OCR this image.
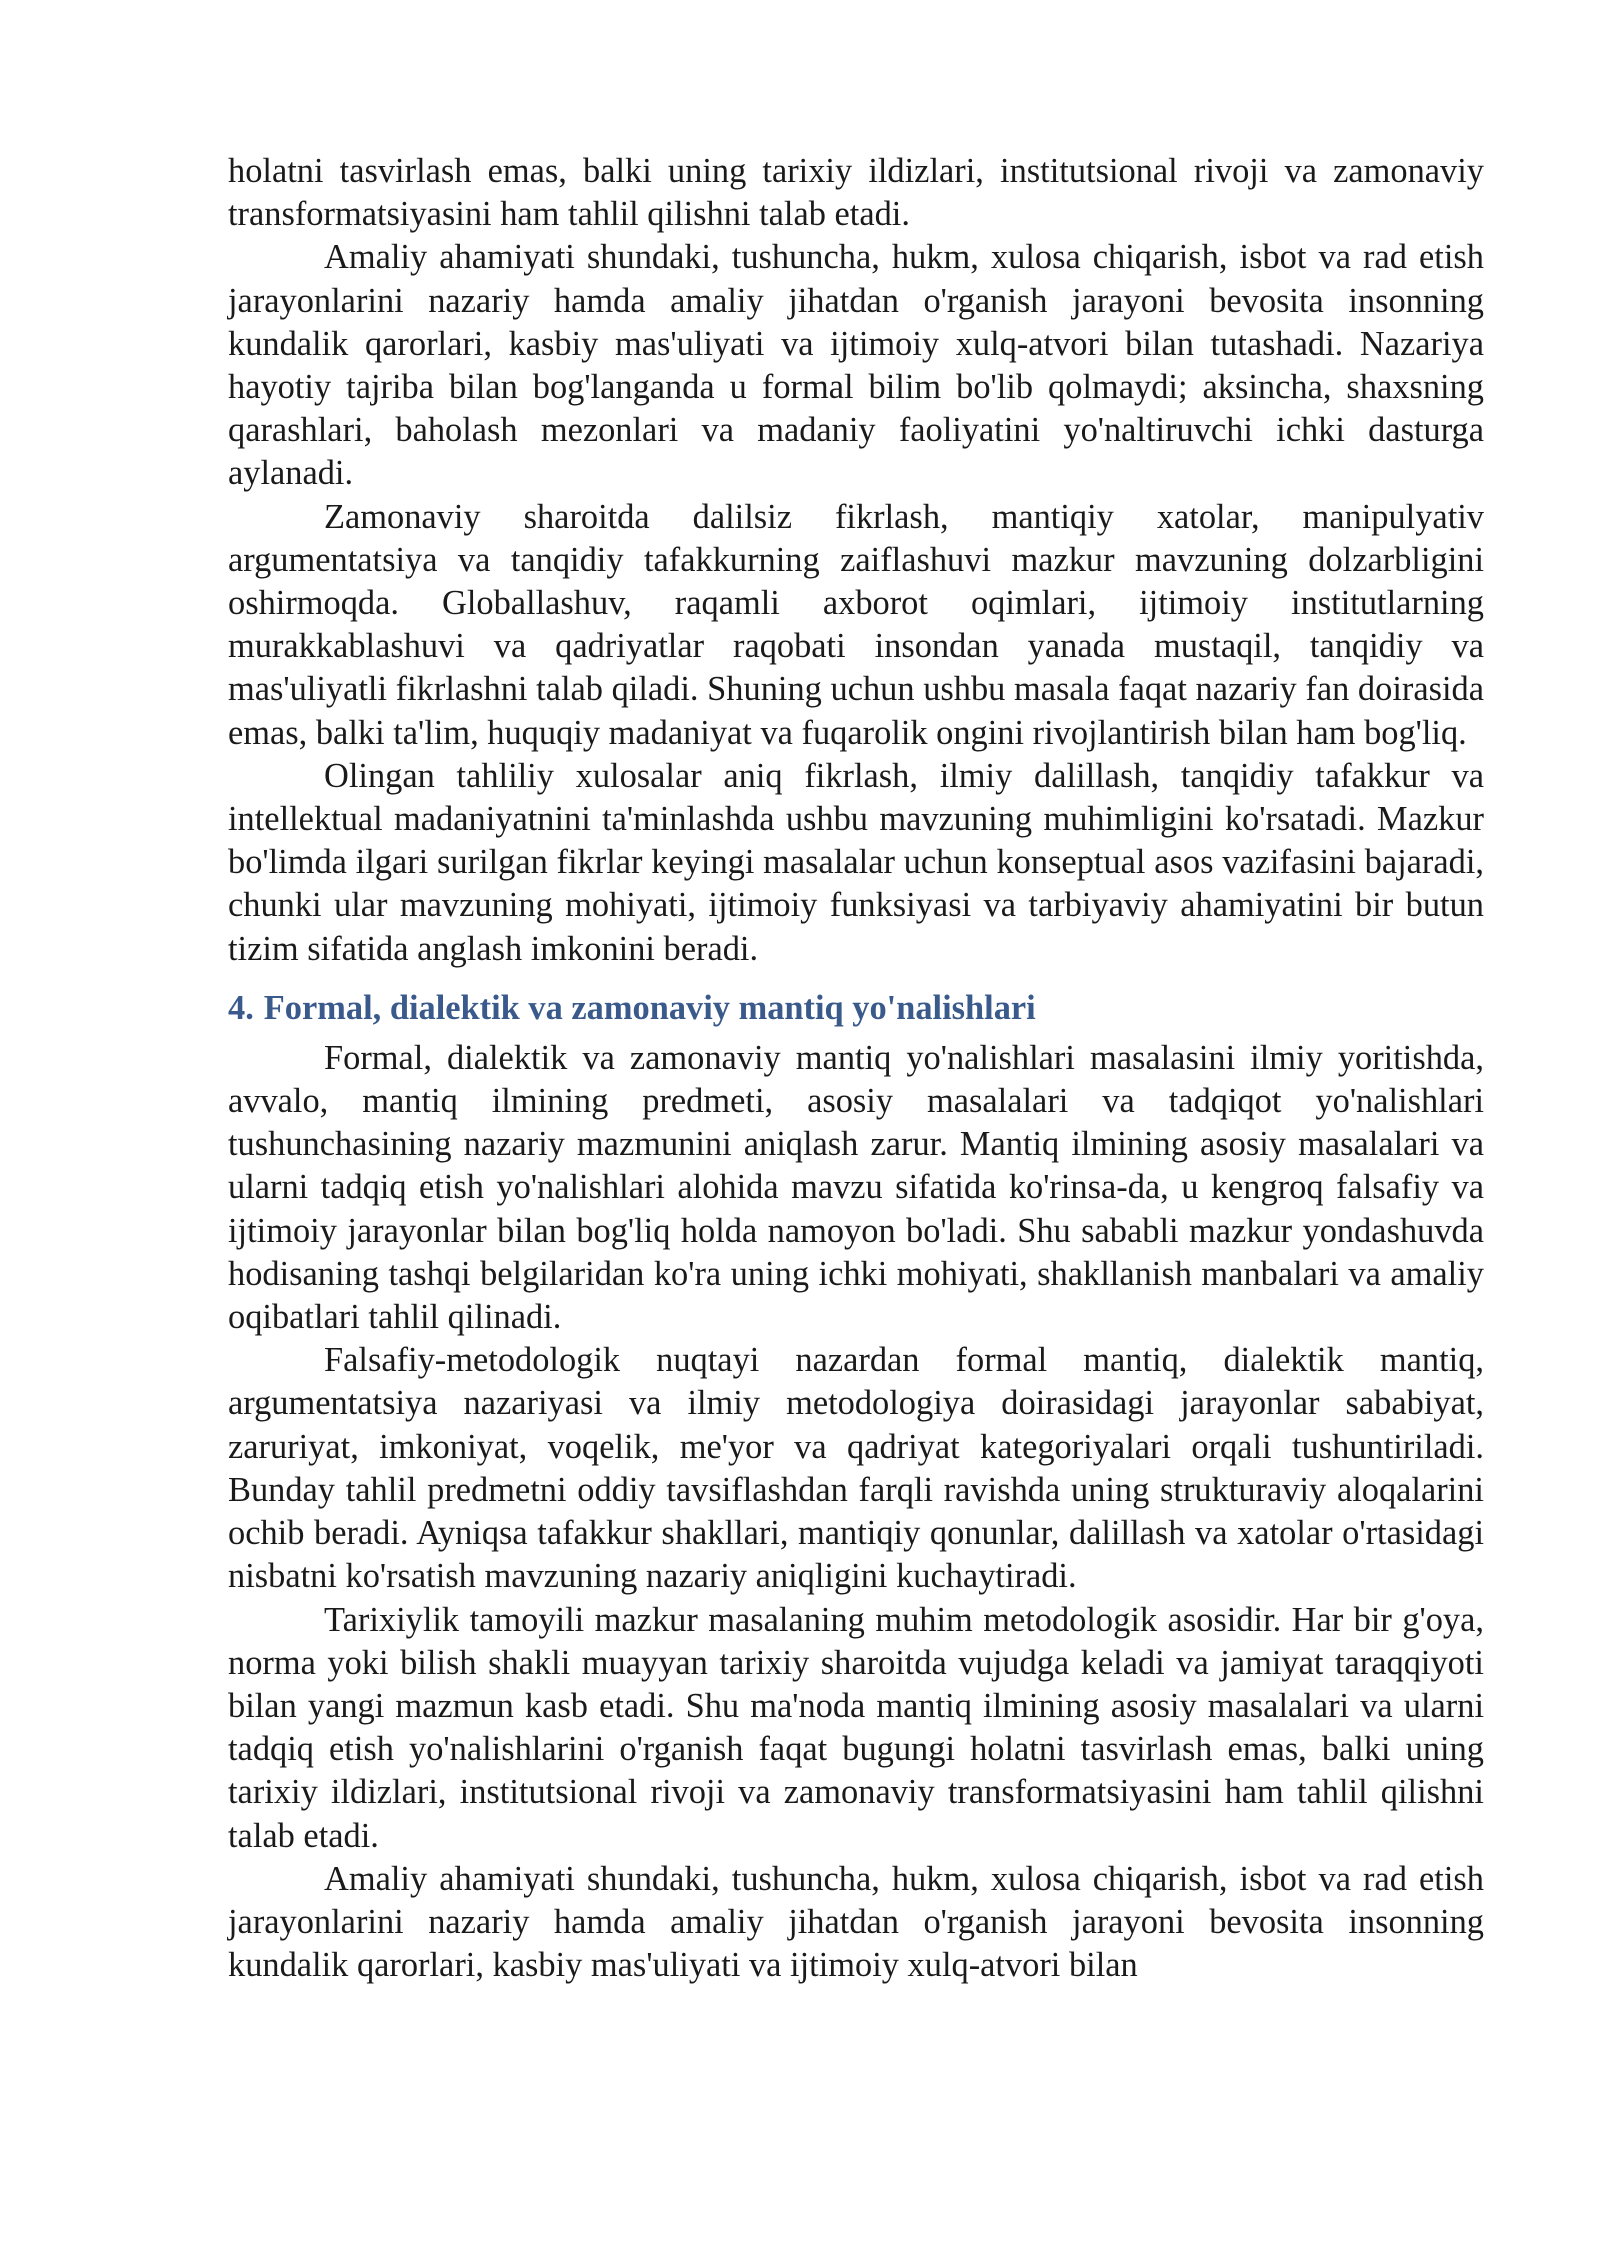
holatni tasvirlash emas, balki uning tarixiy ildizlari, institutsional rivoji va zamonaviy transformatsiyasini ham tahlil qilishni talab etadi.

Amaliy ahamiyati shundaki, tushuncha, hukm, xulosa chiqarish, isbot va rad etish jarayonlarini nazariy hamda amaliy jihatdan o'rganish jarayoni bevosita insonning kundalik qarorlari, kasbiy mas'uliyati va ijtimoiy xulq-atvori bilan tutashadi. Nazariya hayotiy tajriba bilan bog'langanda u formal bilim bo'lib qolmaydi; aksincha, shaxsning qarashlari, baholash mezonlari va madaniy faoliyatini yo'naltiruvchi ichki dasturga aylanadi.

Zamonaviy sharoitda dalilsiz fikrlash, mantiqiy xatolar, manipulyativ argumentatsiya va tanqidiy tafakkurning zaiflashuvi mazkur mavzuning dolzarbligini oshirmoqda. Globallashuv, raqamli axborot oqimlari, ijtimoiy institutlarning murakkablashuvi va qadriyatlar raqobati insondan yanada mustaqil, tanqidiy va mas'uliyatli fikrlashni talab qiladi. Shuning uchun ushbu masala faqat nazariy fan doirasida emas, balki ta'lim, huquqiy madaniyat va fuqarolik ongini rivojlantirish bilan ham bog'liq.

Olingan tahliliy xulosalar aniq fikrlash, ilmiy dalillash, tanqidiy tafakkur va intellektual madaniyatnini ta'minlashda ushbu mavzuning muhimligini ko'rsatadi. Mazkur bo'limda ilgari surilgan fikrlar keyingi masalalar uchun konseptual asos vazifasini bajaradi, chunki ular mavzuning mohiyati, ijtimoiy funksiyasi va tarbiyaviy ahamiyatini bir butun tizim sifatida anglash imkonini beradi.

4. Formal, dialektik va zamonaviy mantiq yo'nalishlari

Formal, dialektik va zamonaviy mantiq yo'nalishlari masalasini ilmiy yoritishda, avvalo, mantiq ilmining predmeti, asosiy masalalari va tadqiqot yo'nalishlari tushunchasining nazariy mazmunini aniqlash zarur. Mantiq ilmining asosiy masalalari va ularni tadqiq etish yo'nalishlari alohida mavzu sifatida ko'rinsa-da, u kengroq falsafiy va ijtimoiy jarayonlar bilan bog'liq holda namoyon bo'ladi. Shu sababli mazkur yondashuvda hodisaning tashqi belgilaridan ko'ra uning ichki mohiyati, shakllanish manbalari va amaliy oqibatlari tahlil qilinadi.

Falsafiy-metodologik nuqtayi nazardan formal mantiq, dialektik mantiq, argumentatsiya nazariyasi va ilmiy metodologiya doirasidagi jarayonlar sababiyat, zaruriyat, imkoniyat, voqelik, me'yor va qadriyat kategoriyalari orqali tushuntiriladi. Bunday tahlil predmetni oddiy tavsiflashdan farqli ravishda uning strukturaviy aloqalarini ochib beradi. Ayniqsa tafakkur shakllari, mantiqiy qonunlar, dalillash va xatolar o'rtasidagi nisbatni ko'rsatish mavzuning nazariy aniqligini kuchaytiradi.

Tarixiylik tamoyili mazkur masalaning muhim metodologik asosidir. Har bir g'oya, norma yoki bilish shakli muayyan tarixiy sharoitda vujudga keladi va jamiyat taraqqiyoti bilan yangi mazmun kasb etadi. Shu ma'noda mantiq ilmining asosiy masalalari va ularni tadqiq etish yo'nalishlarini o'rganish faqat bugungi holatni tasvirlash emas, balki uning tarixiy ildizlari, institutsional rivoji va zamonaviy transformatsiyasini ham tahlil qilishni talab etadi.

Amaliy ahamiyati shundaki, tushuncha, hukm, xulosa chiqarish, isbot va rad etish jarayonlarini nazariy hamda amaliy jihatdan o'rganish jarayoni bevosita insonning kundalik qarorlari, kasbiy mas'uliyati va ijtimoiy xulq-atvori bilan
